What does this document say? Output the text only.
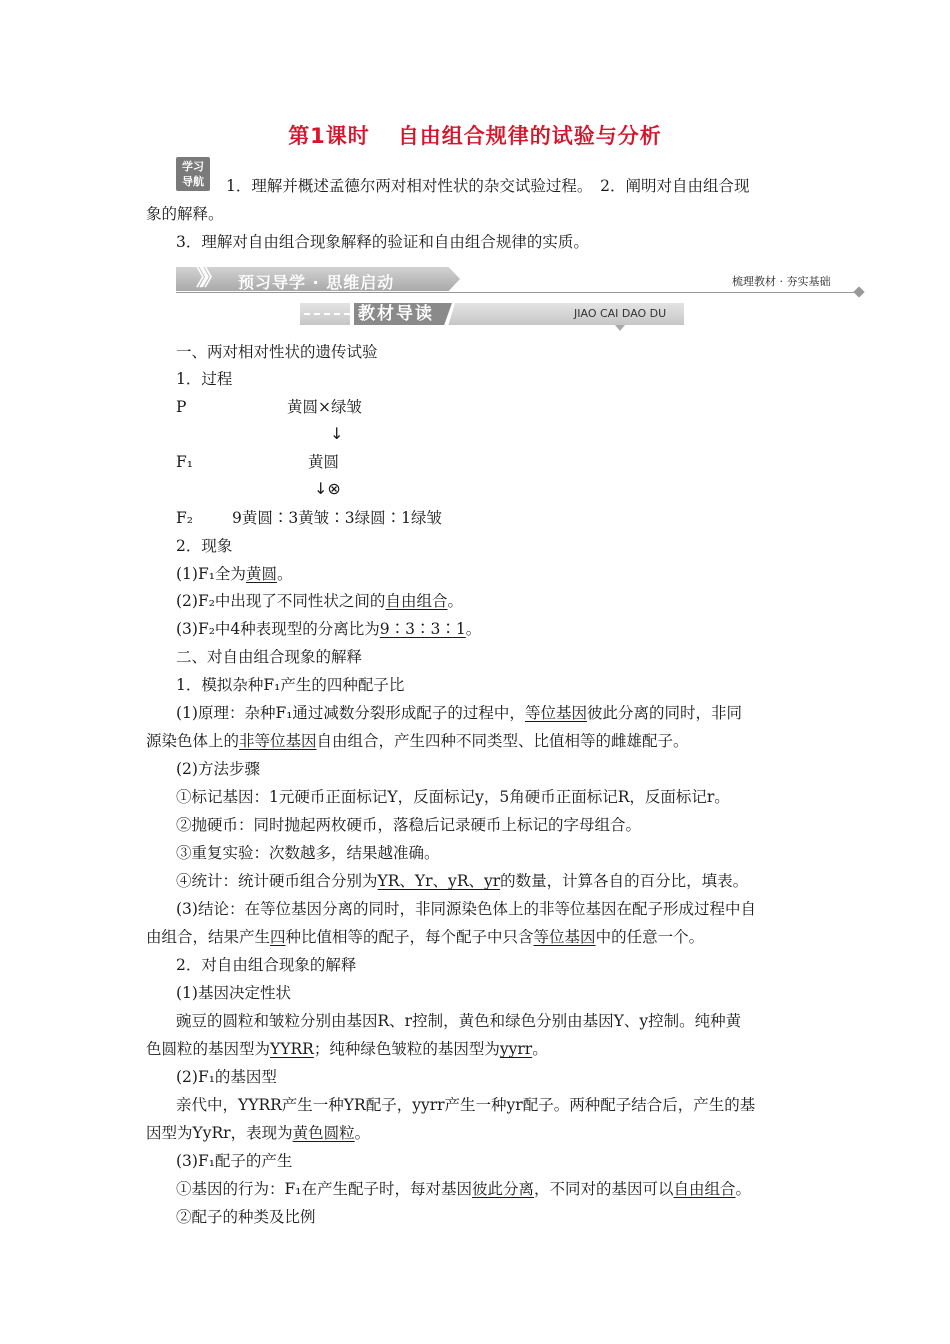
第1课时 自由组合规律的试验与分析
学习
导航	1．理解并概述孟德尔两对相对性状的杂交试验过程。　2．阐明对自由组合现
象的解释。
3．理解对自由组合现象解释的验证和自由组合规律的实质。
》》 预习导学 · 思维启动	梳理教材 · 夯实基础
教材导读	JIAO CAI DAO DU
一、两对相对性状的遗传试验
1．过程
P	黄圆×绿皱
↓
F₁	黄圆
↓⊗
F₂	9黄圆∶3黄皱∶3绿圆∶1绿皱
2．现象
(1)F₁全为黄圆。
(2)F₂中出现了不同性状之间的自由组合。
(3)F₂中4种表现型的分离比为9∶3∶3∶1。
二、对自由组合现象的解释
1．模拟杂种F₁产生的四种配子比
(1)原理：杂种F₁通过减数分裂形成配子的过程中，等位基因彼此分离的同时，非同
源染色体上的非等位基因自由组合，产生四种不同类型、比值相等的雌雄配子。
(2)方法步骤
①标记基因：1元硬币正面标记Y，反面标记y，5角硬币正面标记R，反面标记r。
②抛硬币：同时抛起两枚硬币，落稳后记录硬币上标记的字母组合。
③重复实验：次数越多，结果越准确。
④统计：统计硬币组合分别为YR、Yr、yR、yr的数量，计算各自的百分比，填表。
(3)结论：在等位基因分离的同时，非同源染色体上的非等位基因在配子形成过程中自
由组合，结果产生四种比值相等的配子，每个配子中只含等位基因中的任意一个。
2．对自由组合现象的解释
(1)基因决定性状
豌豆的圆粒和皱粒分别由基因R、r控制，黄色和绿色分别由基因Y、y控制。纯种黄
色圆粒的基因型为YYRR；纯种绿色皱粒的基因型为yyrr。
(2)F₁的基因型
亲代中，YYRR产生一种YR配子，yyrr产生一种yr配子。两种配子结合后，产生的基
因型为YyRr，表现为黄色圆粒。
(3)F₁配子的产生
①基因的行为：F₁在产生配子时，每对基因彼此分离，不同对的基因可以自由组合。
②配子的种类及比例
